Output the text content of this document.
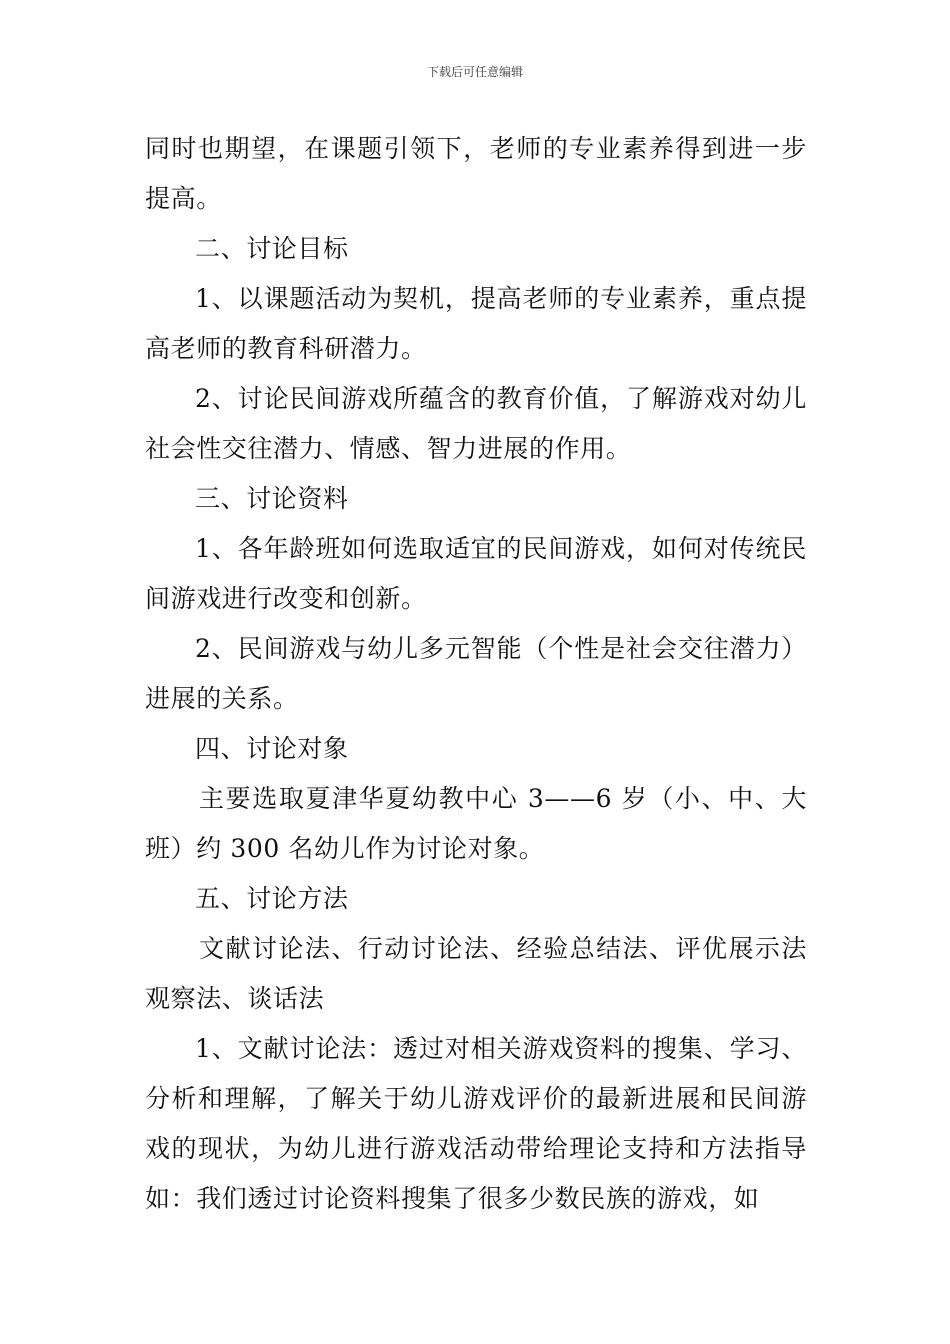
下载后可任意编辑

同时也期望，在课题引领下，老师的专业素养得到进一步提高。

二、讨论目标

1、以课题活动为契机，提高老师的专业素养，重点提高老师的教育科研潜力。

2、讨论民间游戏所蕴含的教育价值，了解游戏对幼儿社会性交往潜力、情感、智力进展的作用。

三、讨论资料

1、各年龄班如何选取适宜的民间游戏，如何对传统民间游戏进行改变和创新。

2、民间游戏与幼儿多元智能（个性是社会交往潜力）进展的关系。

四、讨论对象

主要选取夏津华夏幼教中心 3——6 岁（小、中、大班）约 300 名幼儿作为讨论对象。

五、讨论方法

文献讨论法、行动讨论法、经验总结法、评优展示法观察法、谈话法

1、文献讨论法：透过对相关游戏资料的搜集、学习、分析和理解，了解关于幼儿游戏评价的最新进展和民间游戏的现状，为幼儿进行游戏活动带给理论支持和方法指导如：我们透过讨论资料搜集了很多少数民族的游戏，如
